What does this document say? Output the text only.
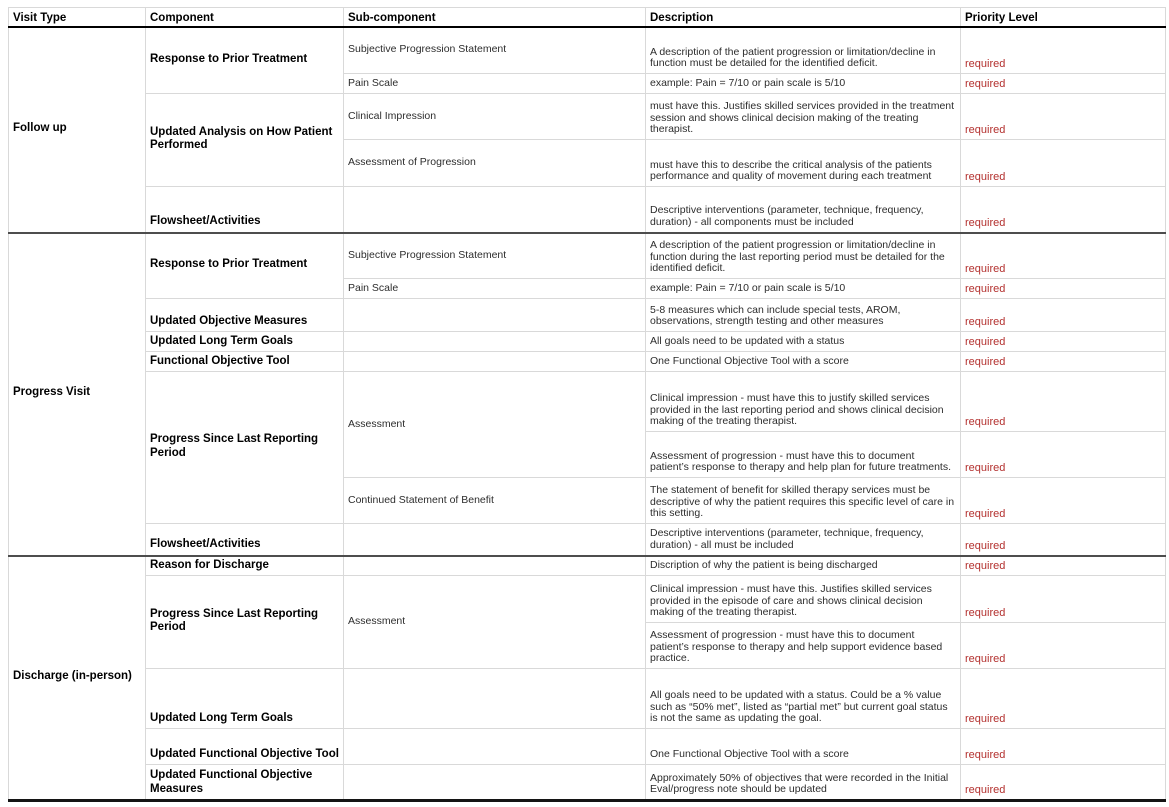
Visit Type	Component	Sub-component	Description	Priority Level
Follow up	Response to Prior Treatment	Subjective Progression Statement	A description of the patient progression or limitation/decline in function must be detailed for the identified deficit.	required
		Pain Scale	example: Pain = 7/10 or pain scale is 5/10	required
	Updated Analysis on How Patient Performed	Clinical Impression	must have this. Justifies skilled services provided in the treatment session and shows clinical decision making of the treating therapist.	required
		Assessment of Progression	must have this to describe the critical analysis of the patients performance and quality of movement during each treatment	required
	Flowsheet/Activities		Descriptive interventions (parameter, technique, frequency, duration) - all components must be included	required
Progress Visit	Response to Prior Treatment	Subjective Progression Statement	A description of the patient progression or limitation/decline in function during the last reporting period must be detailed for the identified deficit.	required
		Pain Scale	example: Pain = 7/10 or pain scale is 5/10	required
	Updated Objective Measures		5-8 measures which can include special tests, AROM, observations, strength testing and other measures	required
	Updated Long Term Goals		All goals need to be updated with a status	required
	Functional Objective Tool		One Functional Objective Tool with a score	required
	Progress Since Last Reporting Period	Assessment	Clinical impression - must have this to justify skilled services provided in the last reporting period and shows clinical decision making of the treating therapist.	required
			Assessment of progression - must have this to document patient’s response to therapy and help plan for future treatments.	required
		Continued Statement of Benefit	The statement of benefit for skilled therapy services must be descriptive of why the patient requires this specific level of care in this setting.	required
	Flowsheet/Activities		Descriptive interventions (parameter, technique, frequency, duration) - all must be included	required
Discharge (in-person)	Reason for Discharge		Discription of why the patient is being discharged	required
	Progress Since Last Reporting Period	Assessment	Clinical impression - must have this. Justifies skilled services provided in the episode of care and shows clinical decision making of the treating therapist.	required
			Assessment of progression - must have this to document patient’s response to therapy and help support evidence based practice.	required
	Updated Long Term Goals		All goals need to be updated with a status. Could be a % value such as “50% met”, listed as “partial met” but current goal status is not the same as updating the goal.	required
	Updated Functional Objective Tool		One Functional Objective Tool with a score	required
	Updated Functional Objective Measures		Approximately 50% of objectives that were recorded in the Initial Eval/progress note should be updated	required
